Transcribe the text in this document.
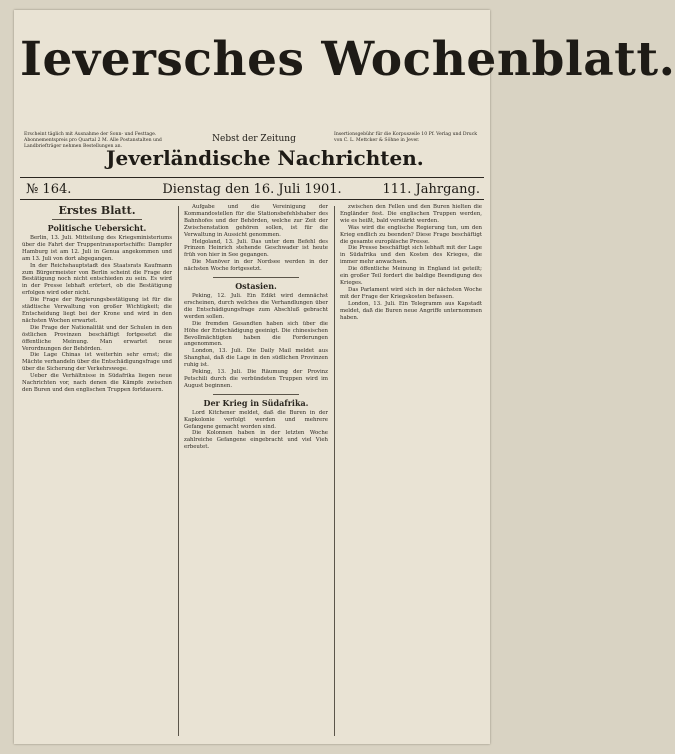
Ieversches Wochenblatt.
Erscheint täglich mit Ausnahme der Sonn- und Festtage. Abonnementspreis pro Quartal 2 M. Alle Postanstalten und Landbriefträger nehmen Bestellungen an.
Nebst der Zeitung	Insertionsgebühr für die Korpuszeile 10 Pf. Verlag und Druck von C. L. Mettcker & Söhne in Jever.
Jeverländische Nachrichten.
№ 164.	Dienstag den 16. Juli 1901.	111. Jahrgang.
Erstes Blatt.
Politische Uebersicht.

Berlin, 13. Juli. Mitteilung des Kriegsministeriums über die Fahrt der Truppentransportschiffe: Dampfer Hamburg ist am 12. Juli in Genua angekommen und am 13. Juli von dort abgegangen.

In der Reichshauptstadt des Staatsrats Kaufmann zum Bürgermeister von Berlin scheint die Frage der Bestätigung noch nicht entschieden zu sein. Es wird in der Presse lebhaft erörtert, ob die Bestätigung erfolgen wird oder nicht.

Die Frage der Regierungsbestätigung ist für die städtische Verwaltung von großer Wichtigkeit; die Entscheidung liegt bei der Krone und wird in den nächsten Wochen erwartet.

Die Frage der Nationalität und der Schulen in den östlichen Provinzen beschäftigt fortgesetzt die öffentliche Meinung. Man erwartet neue Verordnungen der Behörden.

Die Lage Chinas ist weiterhin sehr ernst; die Mächte verhandeln über die Entschädigungsfrage und über die Sicherung der Verkehrswege.

Ueber die Verhältnisse in Südafrika liegen neue Nachrichten vor, nach denen die Kämpfe zwischen den Buren und den englischen Truppen fortdauern.

Aufgabe und die Vereinigung der Kommandostellen für die Stationsbefehlshaber des Bahnhofes und der Behörden, welche zur Zeit der Zwischenstation gehören sollen, ist für die Verwaltung in Aussicht genommen.

Helgoland, 13. Juli. Das unter dem Befehl des Prinzen Heinrich stehende Geschwader ist heute früh von hier in See gegangen.

Die Manöver in der Nordsee werden in der nächsten Woche fortgesetzt.

Ostasien.

Peking, 12. Juli. Ein Edikt wird demnächst erscheinen, durch welches die Verhandlungen über die Entschädigungsfrage zum Abschluß gebracht werden sollen.

Die fremden Gesandten haben sich über die Höhe der Entschädigung geeinigt. Die chinesischen Bevollmächtigten haben die Forderungen angenommen.

London, 13. Juli. Die Daily Mail meldet aus Shanghai, daß die Lage in den südlichen Provinzen ruhig ist.

Peking, 13. Juli. Die Räumung der Provinz Petschili durch die verbündeten Truppen wird im August beginnen.

Der Krieg in Südafrika.

Lord Kitchener meldet, daß die Buren in der Kapkolonie verfolgt werden und mehrere Gefangene gemacht worden sind.

Die Kolonnen haben in der letzten Woche zahlreiche Gefangene eingebracht und viel Vieh erbeutet.

zwischen den Fellen und den Buren hielten die Engländer fest. Die englischen Truppen werden, wie es heißt, bald verstärkt werden.

Was wird die englische Regierung tun, um den Krieg endlich zu beenden? Diese Frage beschäftigt die gesamte europäische Presse.

Die Presse beschäftigt sich lebhaft mit der Lage in Südafrika und den Kosten des Krieges, die immer mehr anwachsen.

Die öffentliche Meinung in England ist geteilt; ein großer Teil fordert die baldige Beendigung des Krieges.

Das Parlament wird sich in der nächsten Woche mit der Frage der Kriegskosten befassen.

London, 13. Juli. Ein Telegramm aus Kapstadt meldet, daß die Buren neue Angriffe unternommen haben.
